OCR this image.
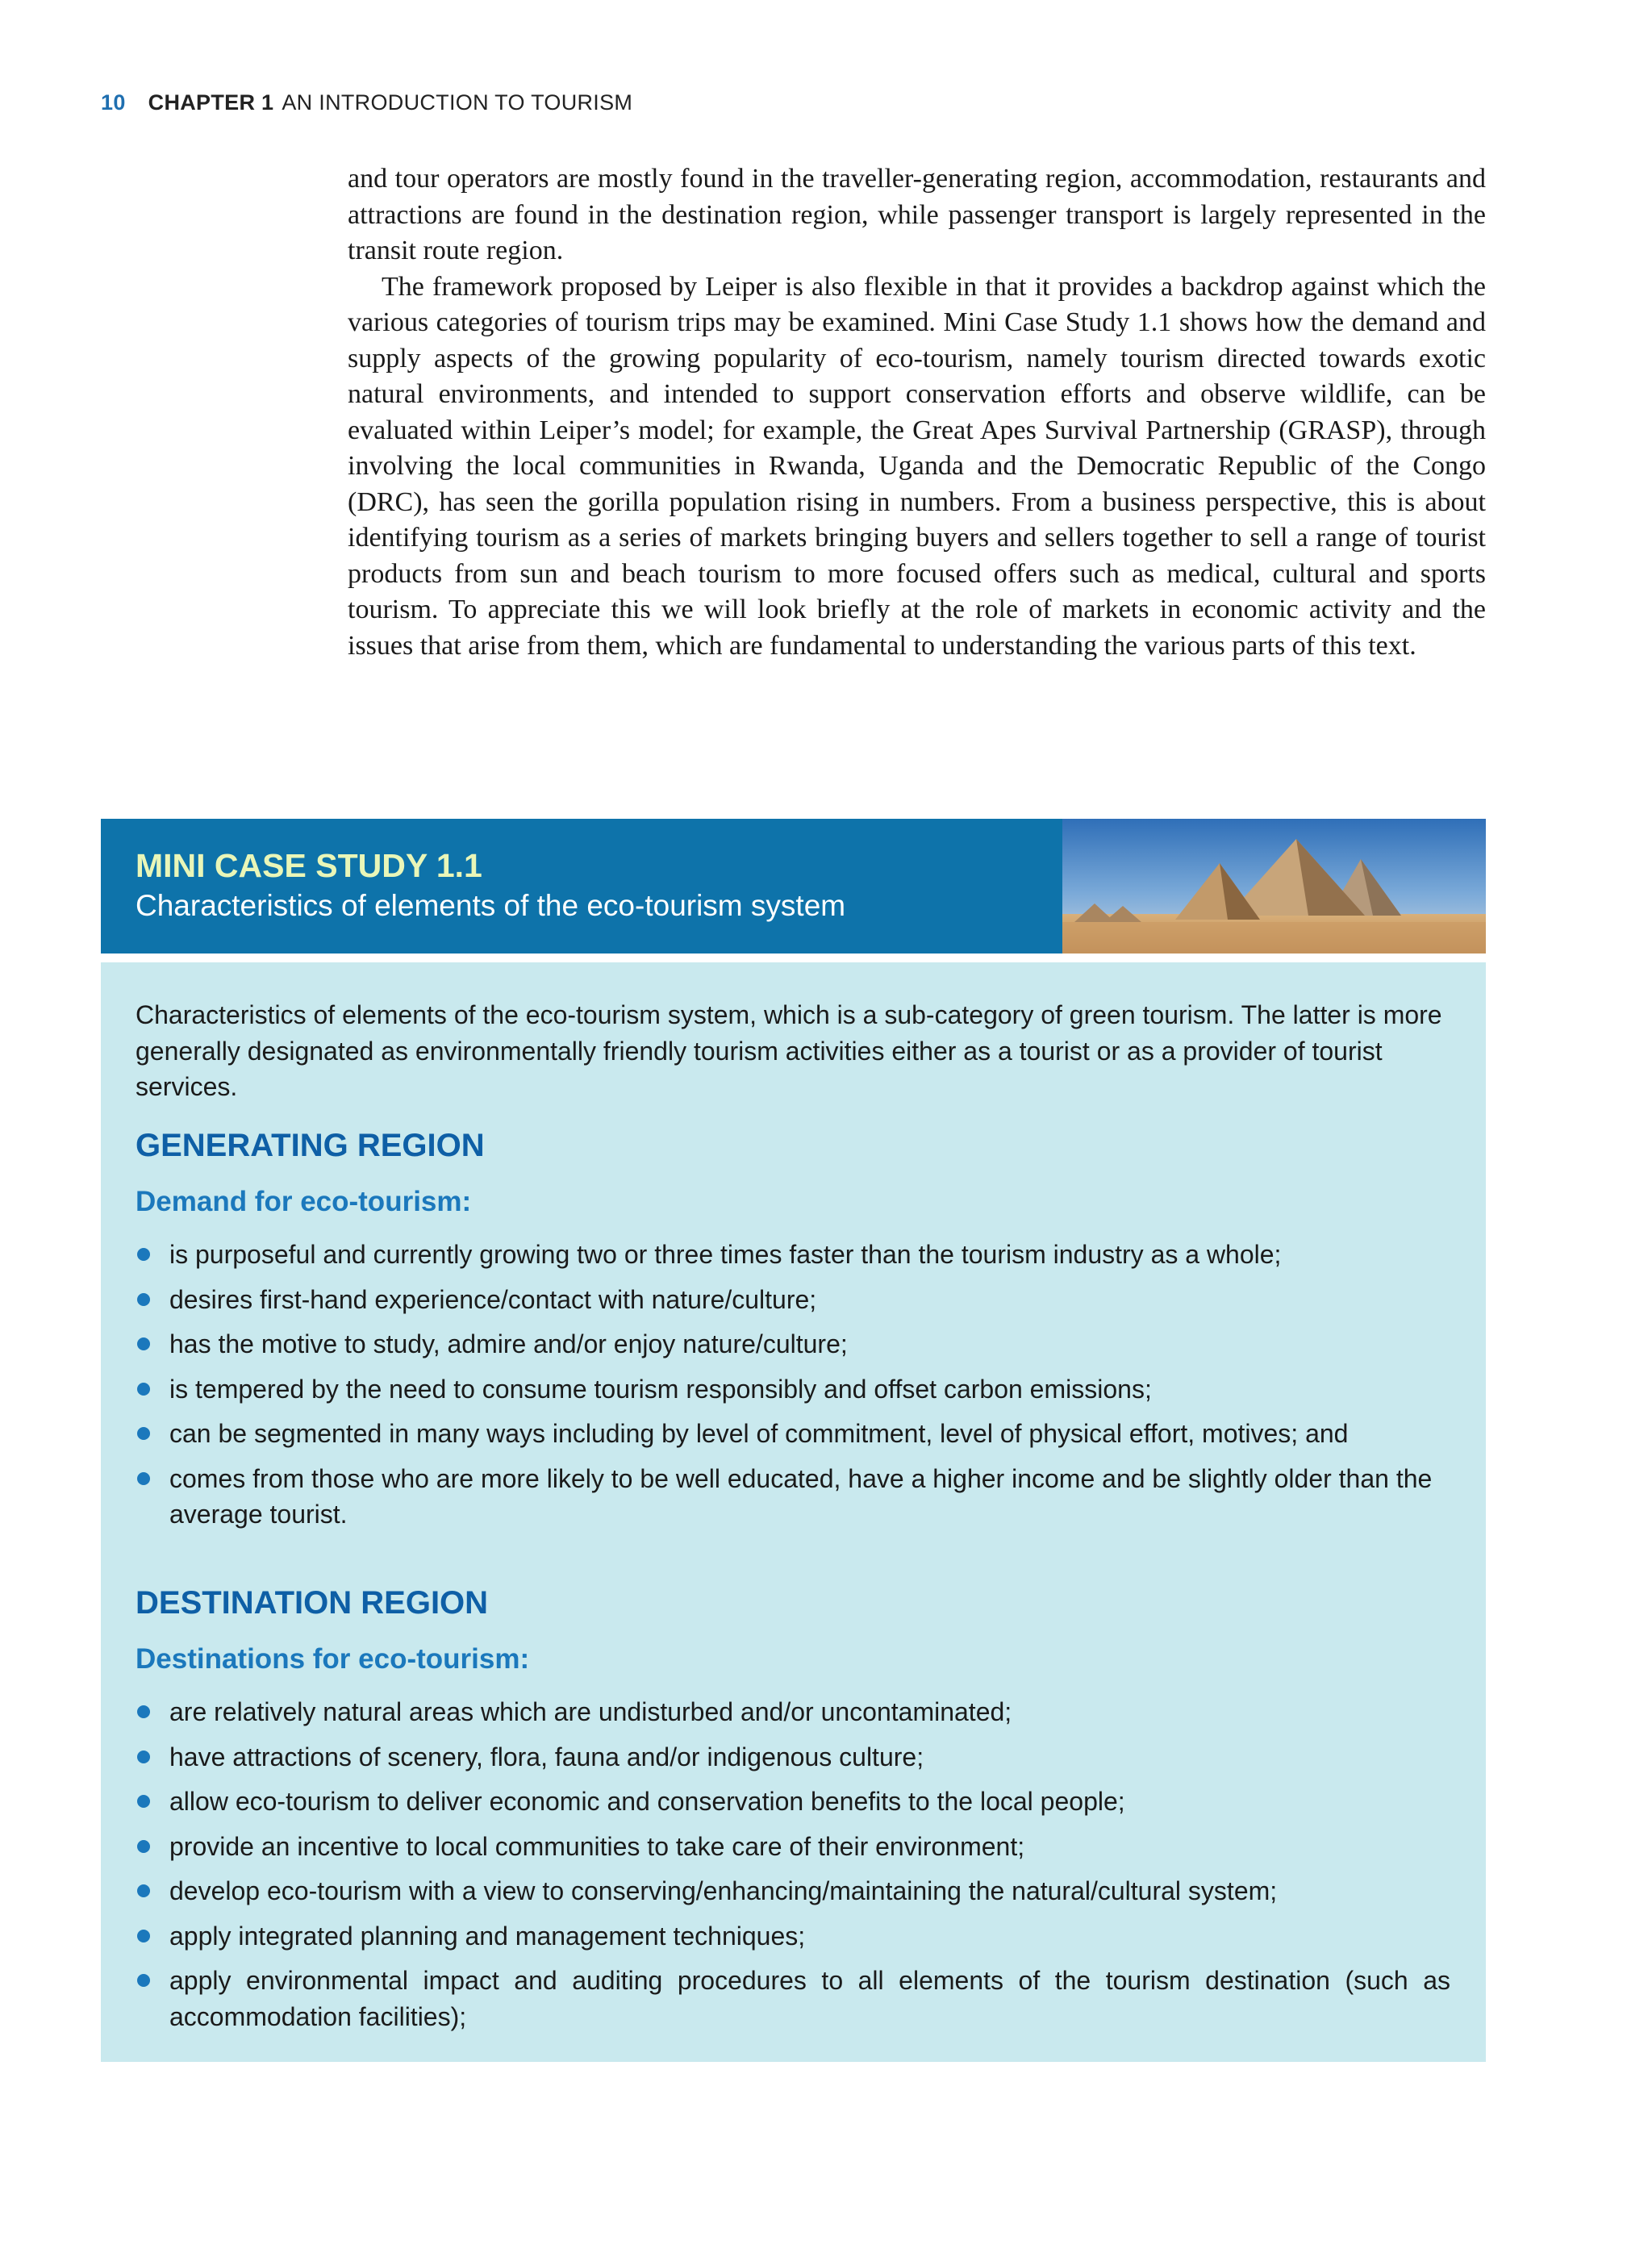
10 CHAPTER 1 AN INTRODUCTION TO TOURISM

and tour operators are mostly found in the traveller-generating region, accommodation, restaurants and attractions are found in the destination region, while passenger transport is largely represented in the transit route region.

The framework proposed by Leiper is also flexible in that it provides a backdrop against which the various categories of tourism trips may be examined. Mini Case Study 1.1 shows how the demand and supply aspects of the growing popularity of eco-tourism, namely tourism directed towards exotic natural environments, and intended to support conservation efforts and observe wildlife, can be evaluated within Leiper’s model; for example, the Great Apes Survival Partnership (GRASP), through involving the local communities in Rwanda, Uganda and the Democratic Republic of the Congo (DRC), has seen the gorilla population rising in numbers. From a business perspective, this is about identifying tourism as a series of markets bringing buyers and sellers together to sell a range of tourist products from sun and beach tourism to more focused offers such as medical, cultural and sports tourism. To appreciate this we will look briefly at the role of markets in economic activity and the issues that arise from them, which are fundamental to understanding the various parts of this text.

MINI CASE STUDY 1.1
Characteristics of elements of the eco-tourism system

Characteristics of elements of the eco-tourism system, which is a sub-category of green tourism. The latter is more generally designated as environmentally friendly tourism activities either as a tourist or as a provider of tourist services.

GENERATING REGION
Demand for eco-tourism:
is purposeful and currently growing two or three times faster than the tourism industry as a whole;
desires first-hand experience/contact with nature/culture;
has the motive to study, admire and/or enjoy nature/culture;
is tempered by the need to consume tourism responsibly and offset carbon emissions;
can be segmented in many ways including by level of commitment, level of physical effort, motives; and
comes from those who are more likely to be well educated, have a higher income and be slightly older than the average tourist.
DESTINATION REGION
Destinations for eco-tourism:
are relatively natural areas which are undisturbed and/or uncontaminated;
have attractions of scenery, flora, fauna and/or indigenous culture;
allow eco-tourism to deliver economic and conservation benefits to the local people;
provide an incentive to local communities to take care of their environment;
develop eco-tourism with a view to conserving/enhancing/maintaining the natural/cultural system;
apply integrated planning and management techniques;
apply environmental impact and auditing procedures to all elements of the tourism destination (such as accommodation facilities);
